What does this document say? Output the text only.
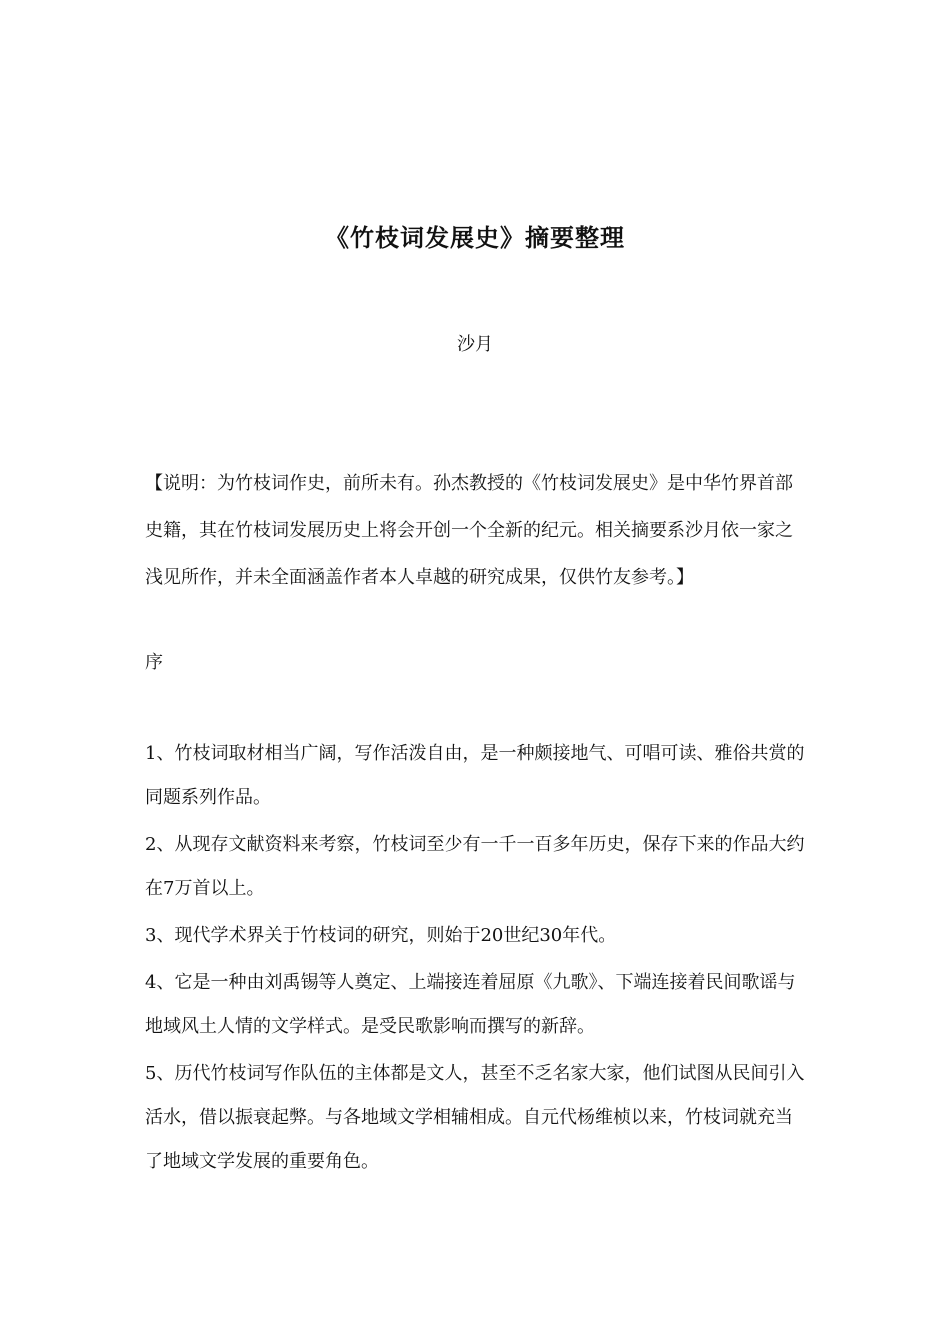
《竹枝词发展史》摘要整理
沙月
【说明：为竹枝词作史，前所未有。孙杰教授的《竹枝词发展史》是中华竹界首部史籍，其在竹枝词发展历史上将会开创一个全新的纪元。相关摘要系沙月依一家之浅见所作，并未全面涵盖作者本人卓越的研究成果，仅供竹友参考。】
序

1、竹枝词取材相当广阔，写作活泼自由，是一种颇接地气、可唱可读、雅俗共赏的同题系列作品。

2、从现存文献资料来考察，竹枝词至少有一千一百多年历史，保存下来的作品大约在7万首以上。

3、现代学术界关于竹枝词的研究，则始于20世纪30年代。

4、它是一种由刘禹锡等人奠定、上端接连着屈原《九歌》、下端连接着民间歌谣与地域风土人情的文学样式。是受民歌影响而撰写的新辞。

5、历代竹枝词写作队伍的主体都是文人，甚至不乏名家大家，他们试图从民间引入活水，借以振衰起弊。与各地域文学相辅相成。自元代杨维桢以来，竹枝词就充当了地域文学发展的重要角色。
